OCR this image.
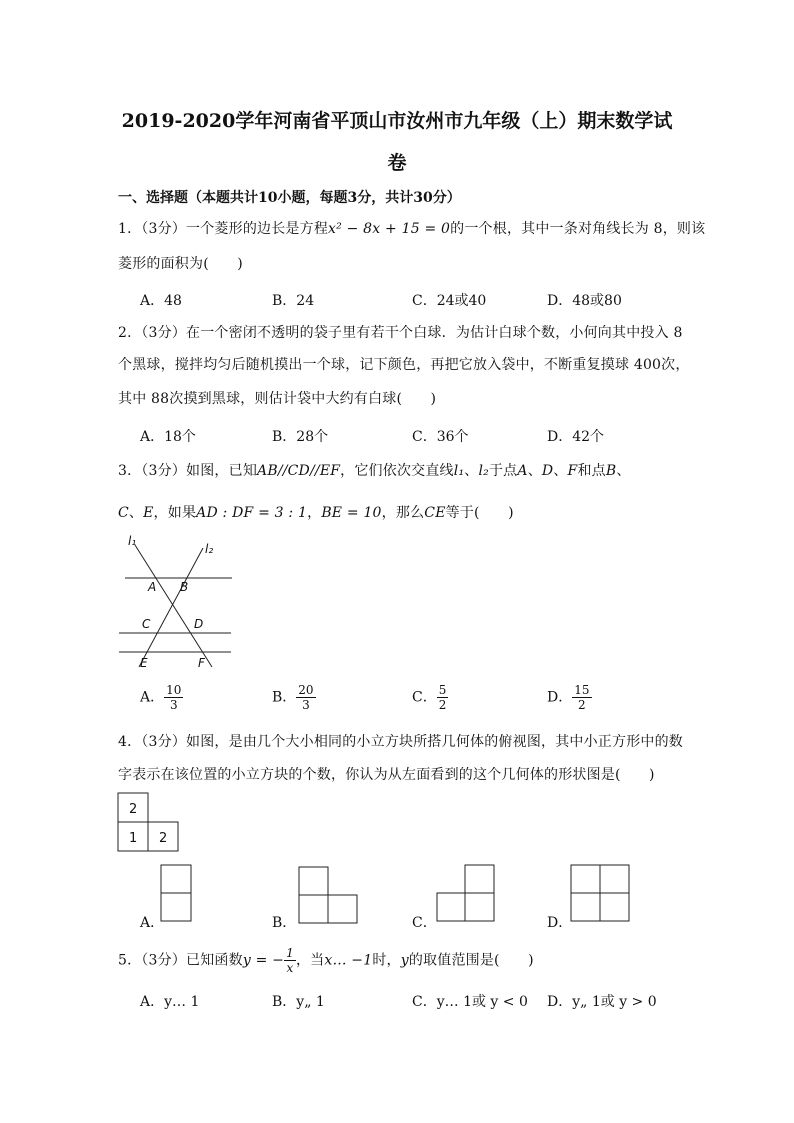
2019-2020学年河南省平顶山市汝州市九年级（上）期末数学试
卷
一、选择题（本题共计10小题，每题3分，共计30分）
1．（3分）一个菱形的边长是方程x² − 8x + 15 = 0的一个根，其中一条对角线长为 8，则该
菱形的面积为(　　)
A．48	B．24	C．24或40	D．48或80
2．（3分）在一个密闭不透明的袋子里有若干个白球．为估计白球个数，小何向其中投入 8
个黑球，搅拌均匀后随机摸出一个球，记下颜色，再把它放入袋中，不断重复摸球 400次，
其中 88次摸到黑球，则估计袋中大约有白球(　　)
A．18个	B．28个	C．36个	D．42个
3．（3分）如图，已知AB//CD//EF，它们依次交直线l₁、l₂于点A、D、F和点B、
C、E，如果AD : DF = 3 : 1，BE = 10，那么CE等于(　　)
l₁
l₂
A B
C	D
E	F
A． $\frac{10}{3}$	B． $\frac{20}{3}$	C． $\frac{5}{2}$	D． $\frac{15}{2}$
4．（3分）如图，是由几个大小相同的小立方块所搭几何体的俯视图，其中小正方形中的数
字表示在该位置的小立方块的个数，你认为从左面看到的这个几何体的形状图是(　　)
2
1 2
A．	B．	C．	D．
5．（3分）已知函数y = − $\frac{1}{x}$ ，当x… −1时，y的取值范围是(　　)
A．y… 1	B．y„ 1	C．y… 1或 y < 0 D．y„ 1或 y > 0
